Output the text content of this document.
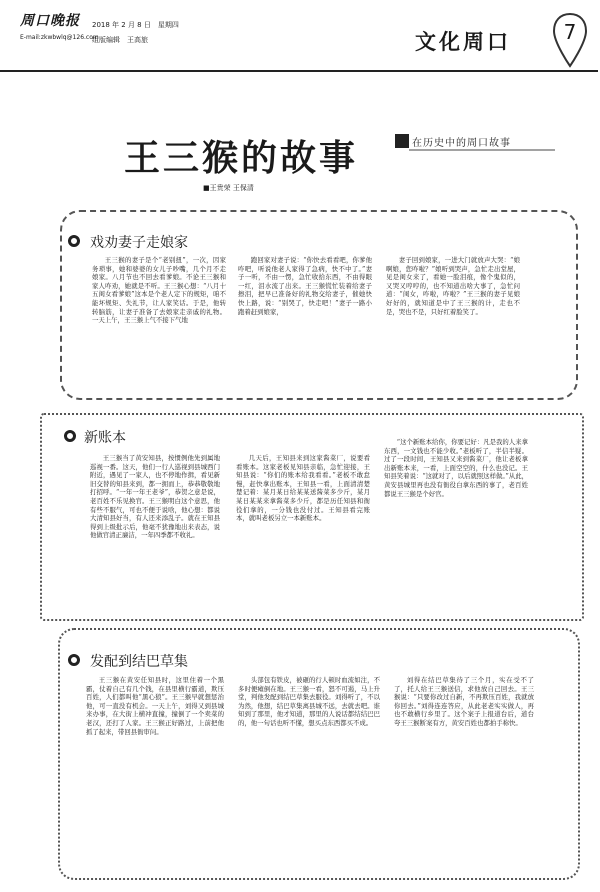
周口晚报
E-mail:zkwbwlq@126.com
2018 年 2 月 8 日　星期四
组版编辑　王高旅	文化周口	7
王三猴的故事	在历史中的周口故事
■王贵荣 王保清
戏劝妻子走娘家
王三猴的妻子是个“老别扭”，一次，因家务琐事，她和婆婆的女儿子吵嘴，几个月不走娘家。八月节也不回去看爹娘。不论王三猴和家人咋劝，她就是不听。王三猴心想：“八月十五闺女看爹娘”这本是个老人定下的规矩，咱不能坏规矩、失礼节，让人家笑话。于是，他转转脑筋，让妻子准备了去娘家走亲戚的礼物。一天上午，王三猴上气不接下气地
跑回家对妻子说：“你快去看看吧，你爹他咋吧，听说他老人家得了急病，快不中了。”妻子一听，不由一愣，急忙收拾东西，不由得眼一红，泪水流了出来。王三猴慌忙装着给妻子擦泪，把早已准备好的礼物交给妻子，催她快快上路，说：“别哭了，快走吧！”妻子一路小跑着赶到娘家，
妻子回到娘家，一进大门就放声大哭：“娘啊娘，您咋啦？”娘听到哭声，急忙走出堂屋，见是闺女来了，看她一脸泪痕，像个鬼似的，又哭又哼哼的，也不知道出啥大事了，急忙问道：“闺女，咋啦，咋啦？”王三猴的妻子见娘好好的，就知道是中了王三猴的计，走也不是，哭也不是，只好红着脸笑了。
新账本
王三猴当了黄安知县，按惯例他先到属地巡视一番。这天，他们一行人巡视到县城西门附近，遇见了一家人，也不停地作揖，看见新旧交替的知县来到，都一拥而上，恭恭敬敬地打招呼。“一年一年王老爷”，恭贺之意是说，老百姓不乐见换官。王三猴明白这个意思，他有些不服气，可也不便于说啥，他心想：都说大清知县好当，有人还来添乱子。就在王知县得到上级批示后，他毫不犹豫地出来表态，说他做官清正廉洁，一年四季都不收礼。
几天后，王知县来到这家酱菜厂，说要看看账本。这家老板见知县亲临，急忙迎接，王知县说：“你们的账本给我看看。”老板不敢怠慢，赶快拿出账本，王知县一看，上面清清楚楚记着：某月某日给某某送酱菜多少斤，某月某日某某来拿酱菜多少斤，都是历任知县和衙役们拿的，一分钱也没付过。王知县看完账本，就叫老板另立一本新账本。
“这个新账本给你，你要记好：凡是我的人来拿东西，一文钱也不能少收。”老板听了，半信半疑。过了一段时间，王知县又来到酱菜厂，他让老板拿出新账本来，一看，上面空空的，什么也没记。王知县笑着说：“这就对了，以后就照这样做。”从此，黄安县城里再也没有衙役白拿东西的事了，老百姓都说王三猴是个好官。
发配到结巴草集
王三猴在黄安任知县时，这里住着一个黑霸，仗着自己有几个钱，在县里横行霸道，欺压百姓，人们都叫他“黑心狼”。王三猴早就想惩治他，可一直没有机会。一天上午，刘得又到县城来办事，在大街上横冲直撞，撞倒了一个卖菜的老汉，还打了人家。王三猴正好路过，上前把他抓了起来，带回县衙审问。
头部包有铁皮，被砸的行人顿时血流如注，不多时便瘫倒在地。王三猴一看，怒不可遏，马上升堂，判他发配到结巴草集去服役。刘得听了，不以为然，他想，结巴草集离县城不远，去就去吧。谁知到了那里，他才知道，那里的人说话都结结巴巴的，他一句话也听不懂，想买点东西都买不成。
刘得在结巴草集待了三个月，实在受不了了，托人给王三猴送信，求他放自己回去。王三猴说：“只要你改过自新，不再欺压百姓，我就放你回去。”刘得连连答应，从此老老实实做人，再也不敢横行乡里了。这个案子上报道台后，道台夸王三猴断案有方，黄安百姓也都拍手称快。
